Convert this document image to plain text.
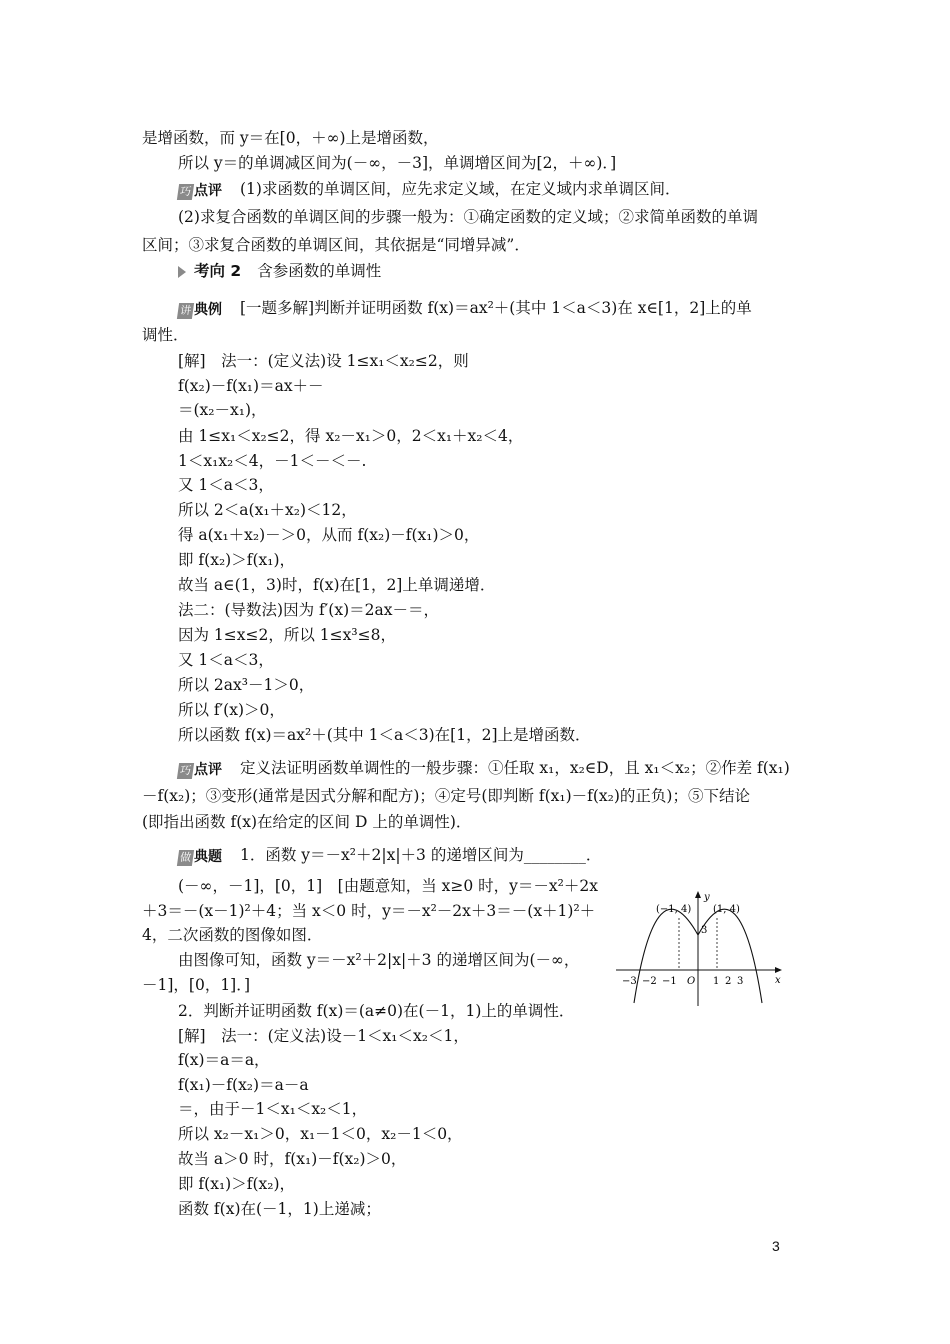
是增函数，而 y＝在[0，＋∞)上是增函数，
所以 y＝的单调减区间为(－∞，－3]，单调增区间为[2，＋∞)．]
巧 点评 (1)求函数的单调区间，应先求定义域，在定义域内求单调区间．
(2)求复合函数的单调区间的步骤一般为：①确定函数的定义域；②求简单函数的单调
区间；③求复合函数的单调区间，其依据是“同增异减”．
考向 2 含参函数的单调性
讲 典例 [一题多解]判断并证明函数 f(x)＝ax²＋(其中 1＜a＜3)在 x∈[1，2]上的单
调性．
[解]　法一：(定义法)设 1≤x₁＜x₂≤2，则
f(x₂)－f(x₁)＝ax＋－
＝(x₂－x₁)，
由 1≤x₁＜x₂≤2，得 x₂－x₁＞0，2＜x₁＋x₂＜4，
1＜x₁x₂＜4，－1＜－＜－.
又 1＜a＜3，
所以 2＜a(x₁＋x₂)＜12，
得 a(x₁＋x₂)－＞0，从而 f(x₂)－f(x₁)＞0，
即 f(x₂)＞f(x₁)，
故当 a∈(1，3)时，f(x)在[1，2]上单调递增．
法二：(导数法)因为 f′(x)＝2ax－＝，
因为 1≤x≤2，所以 1≤x³≤8，
又 1＜a＜3，
所以 2ax³－1＞0，
所以 f′(x)＞0，
所以函数 f(x)＝ax²＋(其中 1＜a＜3)在[1，2]上是增函数．
巧 点评 定义法证明函数单调性的一般步骤：①任取 x₁，x₂∈D，且 x₁＜x₂；②作差 f(x₁)
－f(x₂)；③变形(通常是因式分解和配方)；④定号(即判断 f(x₁)－f(x₂)的正负)；⑤下结论
(即指出函数 f(x)在给定的区间 D 上的单调性)．
做 典题 1．函数 y＝－x²＋2|x|＋3 的递增区间为________．
(－∞，－1]，[0，1]　[由题意知，当 x≥0 时，y＝－x²＋2x
＋3＝－(x－1)²＋4；当 x＜0 时，y＝－x²－2x＋3＝－(x＋1)²＋
4，二次函数的图像如图．
由图像可知，函数 y＝－x²＋2|x|＋3 的递增区间为(－∞，
－1]，[0，1]．]
2．判断并证明函数 f(x)＝(a≠0)在(－1，1)上的单调性．
[解]　法一：(定义法)设－1＜x₁＜x₂＜1，
f(x)＝a＝a，
f(x₁)－f(x₂)＝a－a
＝，由于－1＜x₁＜x₂＜1，
所以 x₂－x₁＞0，x₁－1＜0，x₂－1＜0，
故当 a＞0 时，f(x₁)－f(x₂)＞0，
即 f(x₁)＞f(x₂)，
函数 f(x)在(－1，1)上递减；
y
x
(−1, 4) (1, 4)
3
O
−3 −2 −1	1 2 3
3
